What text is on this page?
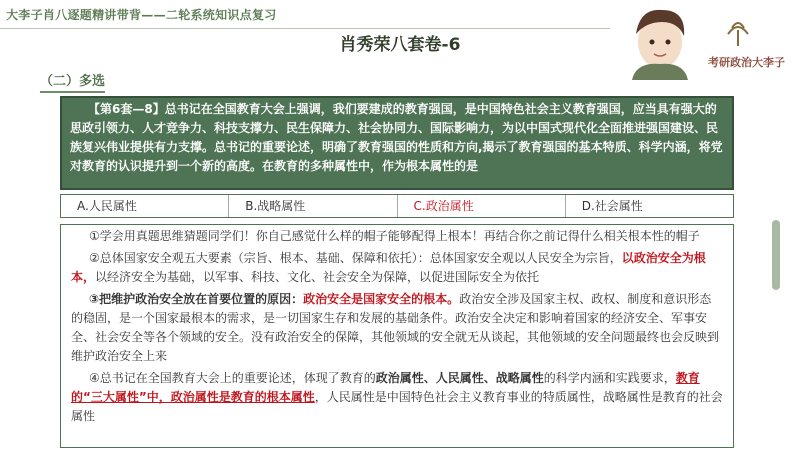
大李子肖八逐题精讲带背——二轮系统知识点复习
考研政治大李子
肖秀荣八套卷-6
（二）多选
【第6套—8】总书记在全国教育大会上强调，我们要建成的教育强国，是中国特色社会主义教育强国，应当具有强大的思政引领力、人才竞争力、科技支撑力、民生保障力、社会协同力、国际影响力，为以中国式现代化全面推进强国建设、民族复兴伟业提供有力支撑。总书记的重要论述，明确了教育强国的性质和方向,揭示了教育强国的基本特质、科学内涵，将党对教育的认识提升到一个新的高度。在教育的多种属性中，作为根本属性的是
A.人民属性	B.战略属性	C.政治属性	D.社会属性

①学会用真题思维猜题同学们！你自己感觉什么样的帽子能够配得上根本！再结合你之前记得什么相关根本性的帽子

②总体国家安全观五大要素（宗旨、根本、基础、保障和依托）：总体国家安全观以人民安全为宗旨，以政治安全为根本，以经济安全为基础，以军事、科技、文化、社会安全为保障，以促进国际安全为依托

③把维护政治安全放在首要位置的原因：政治安全是国家安全的根本。政治安全涉及国家主权、政权、制度和意识形态的稳固，是一个国家最根本的需求，是一切国家生存和发展的基础条件。政治安全决定和影响着国家的经济安全、军事安全、社会安全等各个领域的安全。没有政治安全的保障，其他领域的安全就无从谈起，其他领域的安全问题最终也会反映到维护政治安全上来

④总书记在全国教育大会上的重要论述，体现了教育的政治属性、人民属性、战略属性的科学内涵和实践要求，教育的“三大属性”中，政治属性是教育的根本属性，人民属性是中国特色社会主义教育事业的特质属性，战略属性是教育的社会属性
